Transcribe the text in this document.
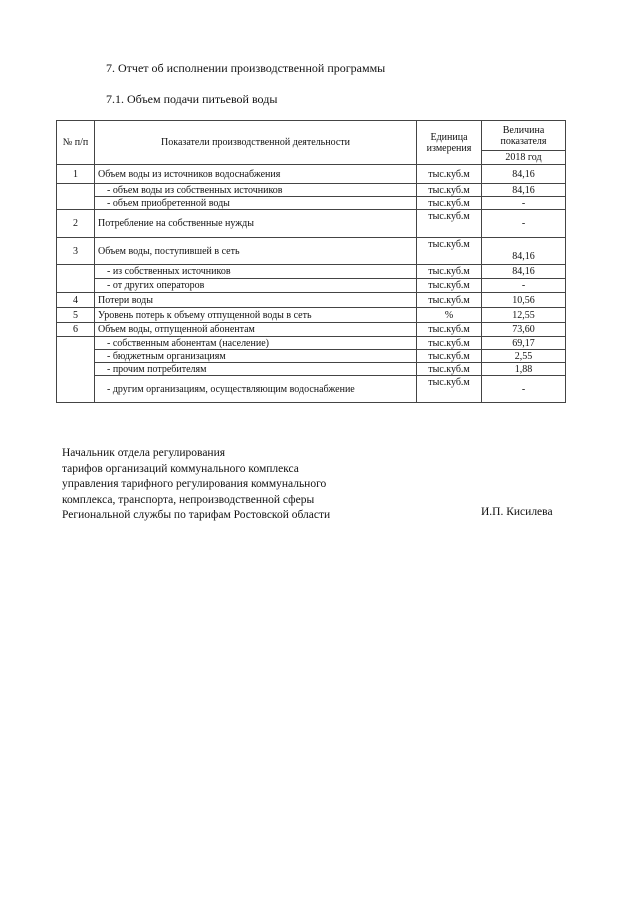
7. Отчет об исполнении производственной программы
7.1. Объем подачи питьевой воды
№ п/п	Показатели производственной деятельности	Единица измерения	Величина показателя
			2018 год
1	Объем воды из источников водоснабжения	тыс.куб.м	84,16
	- объем воды из собственных источников	тыс.куб.м	84,16
	- объем приобретенной воды	тыс.куб.м	-
2	Потребление на собственные нужды	тыс.куб.м	-
3	Объем воды, поступившей в сеть	тыс.куб.м	84,16
	- из собственных источников	тыс.куб.м	84,16
	- от других операторов	тыс.куб.м	-
4	Потери воды	тыс.куб.м	10,56
5	Уровень потерь к объему отпущенной воды в сеть	%	12,55
6	Объем воды, отпущенной абонентам	тыс.куб.м	73,60
	- собственным абонентам (население)	тыс.куб.м	69,17
	- бюджетным организациям	тыс.куб.м	2,55
	- прочим потребителям	тыс.куб.м	1,88
	- другим организациям, осуществляющим водоснабжение	тыс.куб.м	-
Начальник отдела регулирования
тарифов организаций коммунального комплекса
управления тарифного регулирования коммунального
комплекса, транспорта, непроизводственной сферы
Региональной службы по тарифам Ростовской области	И.П. Кисилева
